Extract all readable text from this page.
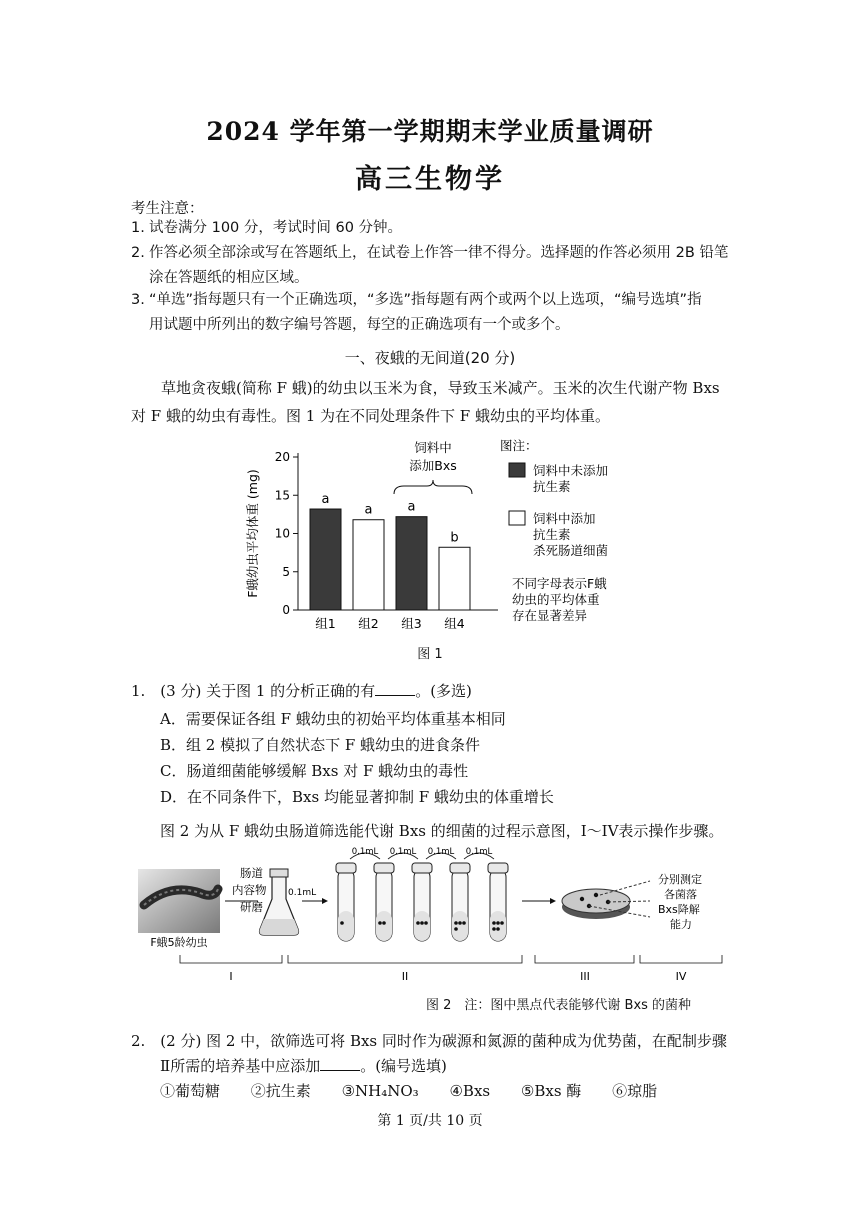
2024 学年第一学期期末学业质量调研
高三生物学
考生注意：
1. 试卷满分 100 分，考试时间 60 分钟。
2. 作答必须全部涂或写在答题纸上，在试卷上作答一律不得分。选择题的作答必须用 2B 铅笔
涂在答题纸的相应区域。
3. “单选”指每题只有一个正确选项，“多选”指每题有两个或两个以上选项，“编号选填”指
用试题中所列出的数字编号答题，每空的正确选项有一个或多个。
一、夜蛾的无间道(20 分)
草地贪夜蛾(简称 F 蛾)的幼虫以玉米为食，导致玉米减产。玉米的次生代谢产物 Bxs
对 F 蛾的幼虫有毒性。图 1 为在不同处理条件下 F 蛾幼虫的平均体重。
0
5
10
15
20
F蛾幼虫平均体重 (mg)	a
组1
a
组2
a
组3
b
组4
饲料中
添加Bxs
图注：
饲料中未添加
抗生素
饲料中添加
抗生素
杀死肠道细菌
不同字母表示F蛾
幼虫的平均体重
存在显著差异
图 1
1.　(3 分) 关于图 1 的分析正确的有	。(多选)
A．需要保证各组 F 蛾幼虫的初始平均体重基本相同
B．组 2 模拟了自然状态下 F 蛾幼虫的进食条件
C．肠道细菌能够缓解 Bxs 对 F 蛾幼虫的毒性
D．在不同条件下，Bxs 均能显著抑制 F 蛾幼虫的体重增长
图 2 为从 F 蛾幼虫肠道筛选能代谢 Bxs 的细菌的过程示意图，I～IV表示操作步骤。
F蛾5龄幼虫
肠道
内容物
研磨
0.1mL
0.1mL 0.1mL 0.1mL 0.1mL
分别测定
各菌落
Bxs降解
能力
I	II	III	IV
图 2　注：图中黑点代表能够代谢 Bxs 的菌种
2.　(2 分) 图 2 中，欲筛选可将 Bxs 同时作为碳源和氮源的菌种成为优势菌，在配制步骤
Ⅱ所需的培养基中应添加	。(编号选填)
①葡萄糖 ②抗生素 ③NH₄NO₃ ④Bxs ⑤Bxs 酶 ⑥琼脂
第 1 页/共 10 页
